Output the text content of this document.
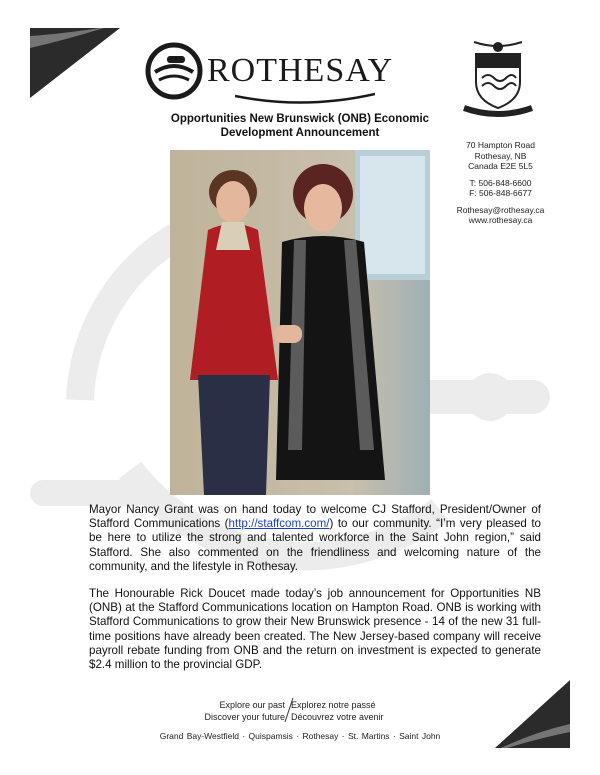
ROTHESAY
Opportunities New Brunswick (ONB) Economic
Development Announcement
70 Hampton Road
Rothesay, NB
Canada E2E 5L5
T: 506-848-6600
F: 506-848-6677
Rothesay@rothesay.ca
www.rothesay.ca

Mayor Nancy Grant was on hand today to welcome CJ Stafford, President/Owner of Stafford Communications (http://staffcom.com/) to our community. “I’m very pleased to be here to utilize the strong and talented workforce in the Saint John region,” said Stafford. She also commented on the friendliness and welcoming nature of the community, and the lifestyle in Rothesay.

The Honourable Rick Doucet made today’s job announcement for Opportunities NB (ONB) at the Stafford Communications location on Hampton Road. ONB is working with Stafford Communications to grow their New Brunswick presence - 14 of the new 31 full-time positions have already been created. The New Jersey-based company will receive payroll rebate funding from ONB and the return on investment is expected to generate $2.4 million to the provincial GDP.

Explore our past
Discover your future
Explorez notre passé
Découvrez votre avenir
Grand Bay-Westfield · Quispamsis · Rothesay · St. Martins · Saint John
